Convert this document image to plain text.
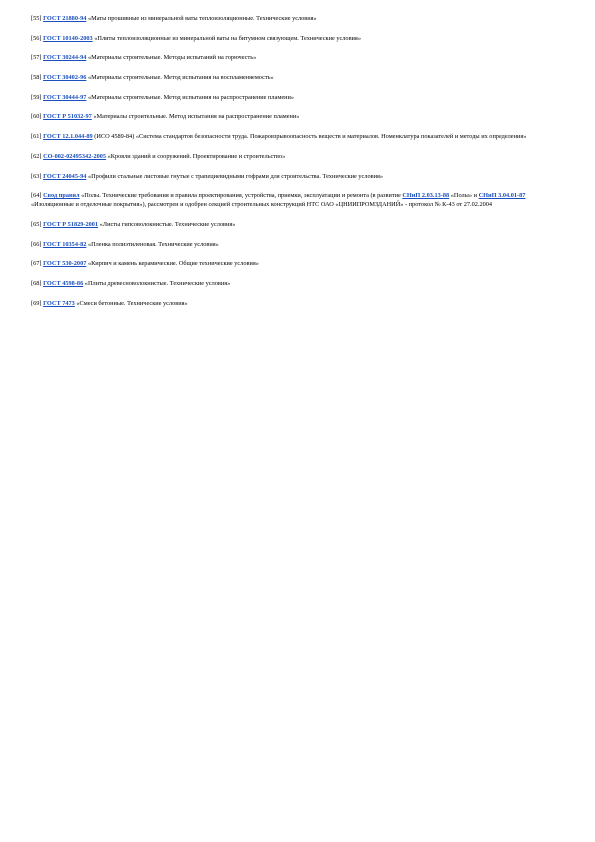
[55] ГОСТ 21880-94 «Маты прошивные из минеральной ваты теплоизоляционные. Технические условия»

[56] ГОСТ 10140-2003 «Плиты теплоизоляционные из минеральной ваты на битумном связующем. Технические условия»

[57] ГОСТ 30244-94 «Материалы строительные. Методы испытаний на горючесть»

[58] ГОСТ 30402-96 «Материалы строительные. Метод испытания на воспламеняемость»

[59] ГОСТ 30444-97 «Материалы строительные. Метод испытания на распространение пламени»

[60] ГОСТ Р 51032-97 «Материалы строительные. Метод испытания на распространение пламени»

[61] ГОСТ 12.1.044-89 (ИСО 4589-84) «Система стандартов безопасности труда. Пожаровзрывоопасность веществ и материалов. Номенклатура показателей и методы их определения»

[62] СО-002-02495342-2005 «Кровли зданий и сооружений. Проектирование и строительство»

[63] ГОСТ 24045-94 «Профили стальные листовые гнутые с трапециевидными гофрами для строительства. Технические условия»

[64] Свод правил «Полы. Технические требования и правила проектирования, устройства, приемки, эксплуатации и ремонта (в развитие СНиП 2.03.13-88 «Полы» и СНиП 3.04.01-87 «Изоляционные и отделочные покрытия»), рассмотрен и одобрен секцией строительных конструкций НТС ОАО «ЦНИИПРОМЗДАНИЙ» - протокол № К-43 от 27.02.2004

[65] ГОСТ Р 51829-2001 «Листы гипсоволокнистые. Технические условия»

[66] ГОСТ 10354-82 «Пленка полиэтиленовая. Технические условия»

[67] ГОСТ 530-2007 «Кирпич и камень керамические. Общие технические условия»

[68] ГОСТ 4598-86 «Плиты древесноволокнистые. Технические условия»

[69] ГОСТ 7473 «Смеси бетонные. Технические условия»
